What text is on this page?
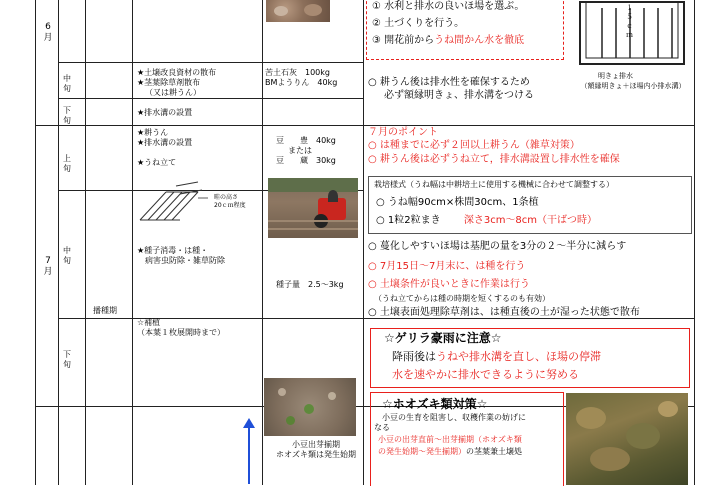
6
月
7
月
中
旬
下
旬
上
旬
中
旬
下
旬
播種期
★土壌改良資材の散布
★茎葉除草剤散布
（又は耕うん）
★排水溝の設置
苦土石灰　100kg
BMようりん　40kg
① 水利と排水の良いほ場を選ぶ。
② 土づくりを行う。
③ 開花前からうね間かん水を徹底
１５ｃｍ
明きょ排水
（額縁明きょ＋ほ場内小排水溝）
○ 耕うん後は排水性を確保するため
必ず額縁明きょ、排水溝をつける
★耕うん
★排水溝の設置
★うね立て
畦の高さ
20ｃｍ程度
★種子消毒・は種・
病害虫防除・雑草防除
☆補植
（本葉１枚展開時まで）
豆　　豊　40kg
または
豆　　蔵　30kg
種子量　2.5～3kg
７月のポイント
○ は種までに必ず２回以上耕うん（雑草対策）
○ 耕うん後は必ずうね立て，排水溝設置し排水性を確保
栽培様式（うね幅は中耕培土に使用する機械に合わせて調整する）
○ うね幅90cm×株間30cm、1条植
○ 1粒2粒まき 深さ3cm～8cm（干ばつ時）
○ 蔓化しやすいほ場は基肥の量を3分の２～半分に減らす
○ 7月15日～7月末に、は種を行う
○ 土壌条件が良いときに作業は行う
（うね立てからは種の時期を短くするのも有効）
○ 土壌表面処理除草剤は、は種直後の土が湿った状態で散布
☆ゲリラ豪雨に注意☆
降雨後はうねや排水溝を直し、ほ場の停滞
水を速やかに排水できるように努める
☆ホオズキ類対策☆
小豆の生育を阻害し、収穫作業の妨げに
なる
小豆の出芽直前～出芽揃期（ホオズキ類
の発生始期～発生揃期）の茎葉兼土壌処
小豆出芽揃期
ホオズキ類は発生始期
